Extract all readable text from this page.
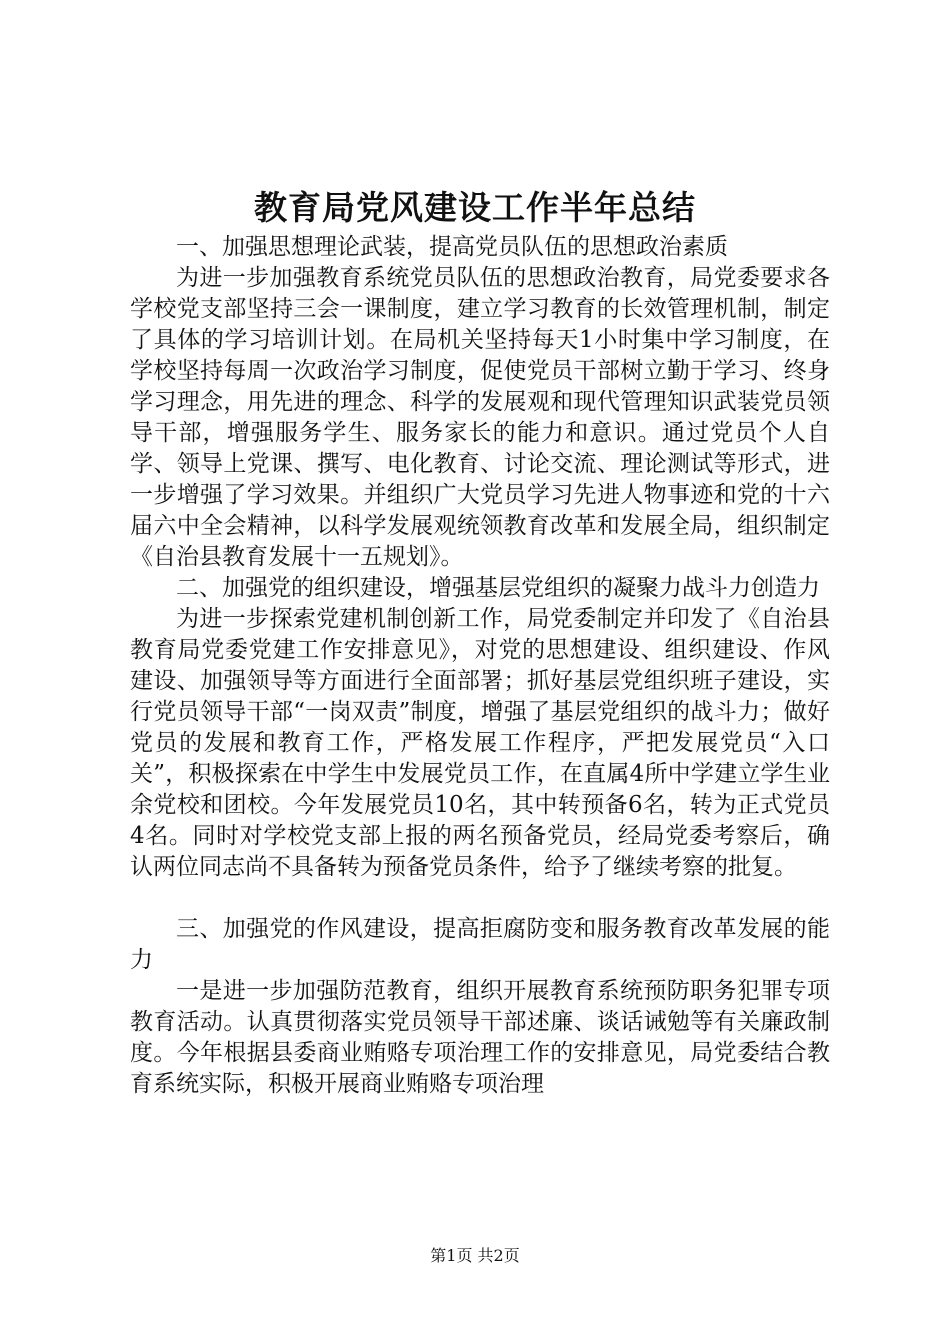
教育局党风建设工作半年总结

一、加强思想理论武装，提高党员队伍的思想政治素质

为进一步加强教育系统党员队伍的思想政治教育，局党委要求各学校党支部坚持三会一课制度，建立学习教育的长效管理机制，制定了具体的学习培训计划。在局机关坚持每天1小时集中学习制度，在学校坚持每周一次政治学习制度，促使党员干部树立勤于学习、终身学习理念，用先进的理念、科学的发展观和现代管理知识武装党员领导干部，增强服务学生、服务家长的能力和意识。通过党员个人自学、领导上党课、撰写、电化教育、讨论交流、理论测试等形式，进一步增强了学习效果。并组织广大党员学习先进人物事迹和党的十六届六中全会精神，以科学发展观统领教育改革和发展全局，组织制定《自治县教育发展十一五规划》。

二、加强党的组织建设，增强基层党组织的凝聚力战斗力创造力

为进一步探索党建机制创新工作，局党委制定并印发了《自治县教育局党委党建工作安排意见》，对党的思想建设、组织建设、作风建设、加强领导等方面进行全面部署；抓好基层党组织班子建设，实行党员领导干部“一岗双责”制度，增强了基层党组织的战斗力；做好党员的发展和教育工作，严格发展工作程序，严把发展党员“入口关”，积极探索在中学生中发展党员工作，在直属4所中学建立学生业余党校和团校。今年发展党员10名，其中转预备6名，转为正式党员4名。同时对学校党支部上报的两名预备党员，经局党委考察后，确认两位同志尚不具备转为预备党员条件，给予了继续考察的批复。

三、加强党的作风建设，提高拒腐防变和服务教育改革发展的能力

一是进一步加强防范教育，组织开展教育系统预防职务犯罪专项教育活动。认真贯彻落实党员领导干部述廉、谈话诫勉等有关廉政制度。今年根据县委商业贿赂专项治理工作的安排意见，局党委结合教育系统实际，积极开展商业贿赂专项治理

第1页 共2页
